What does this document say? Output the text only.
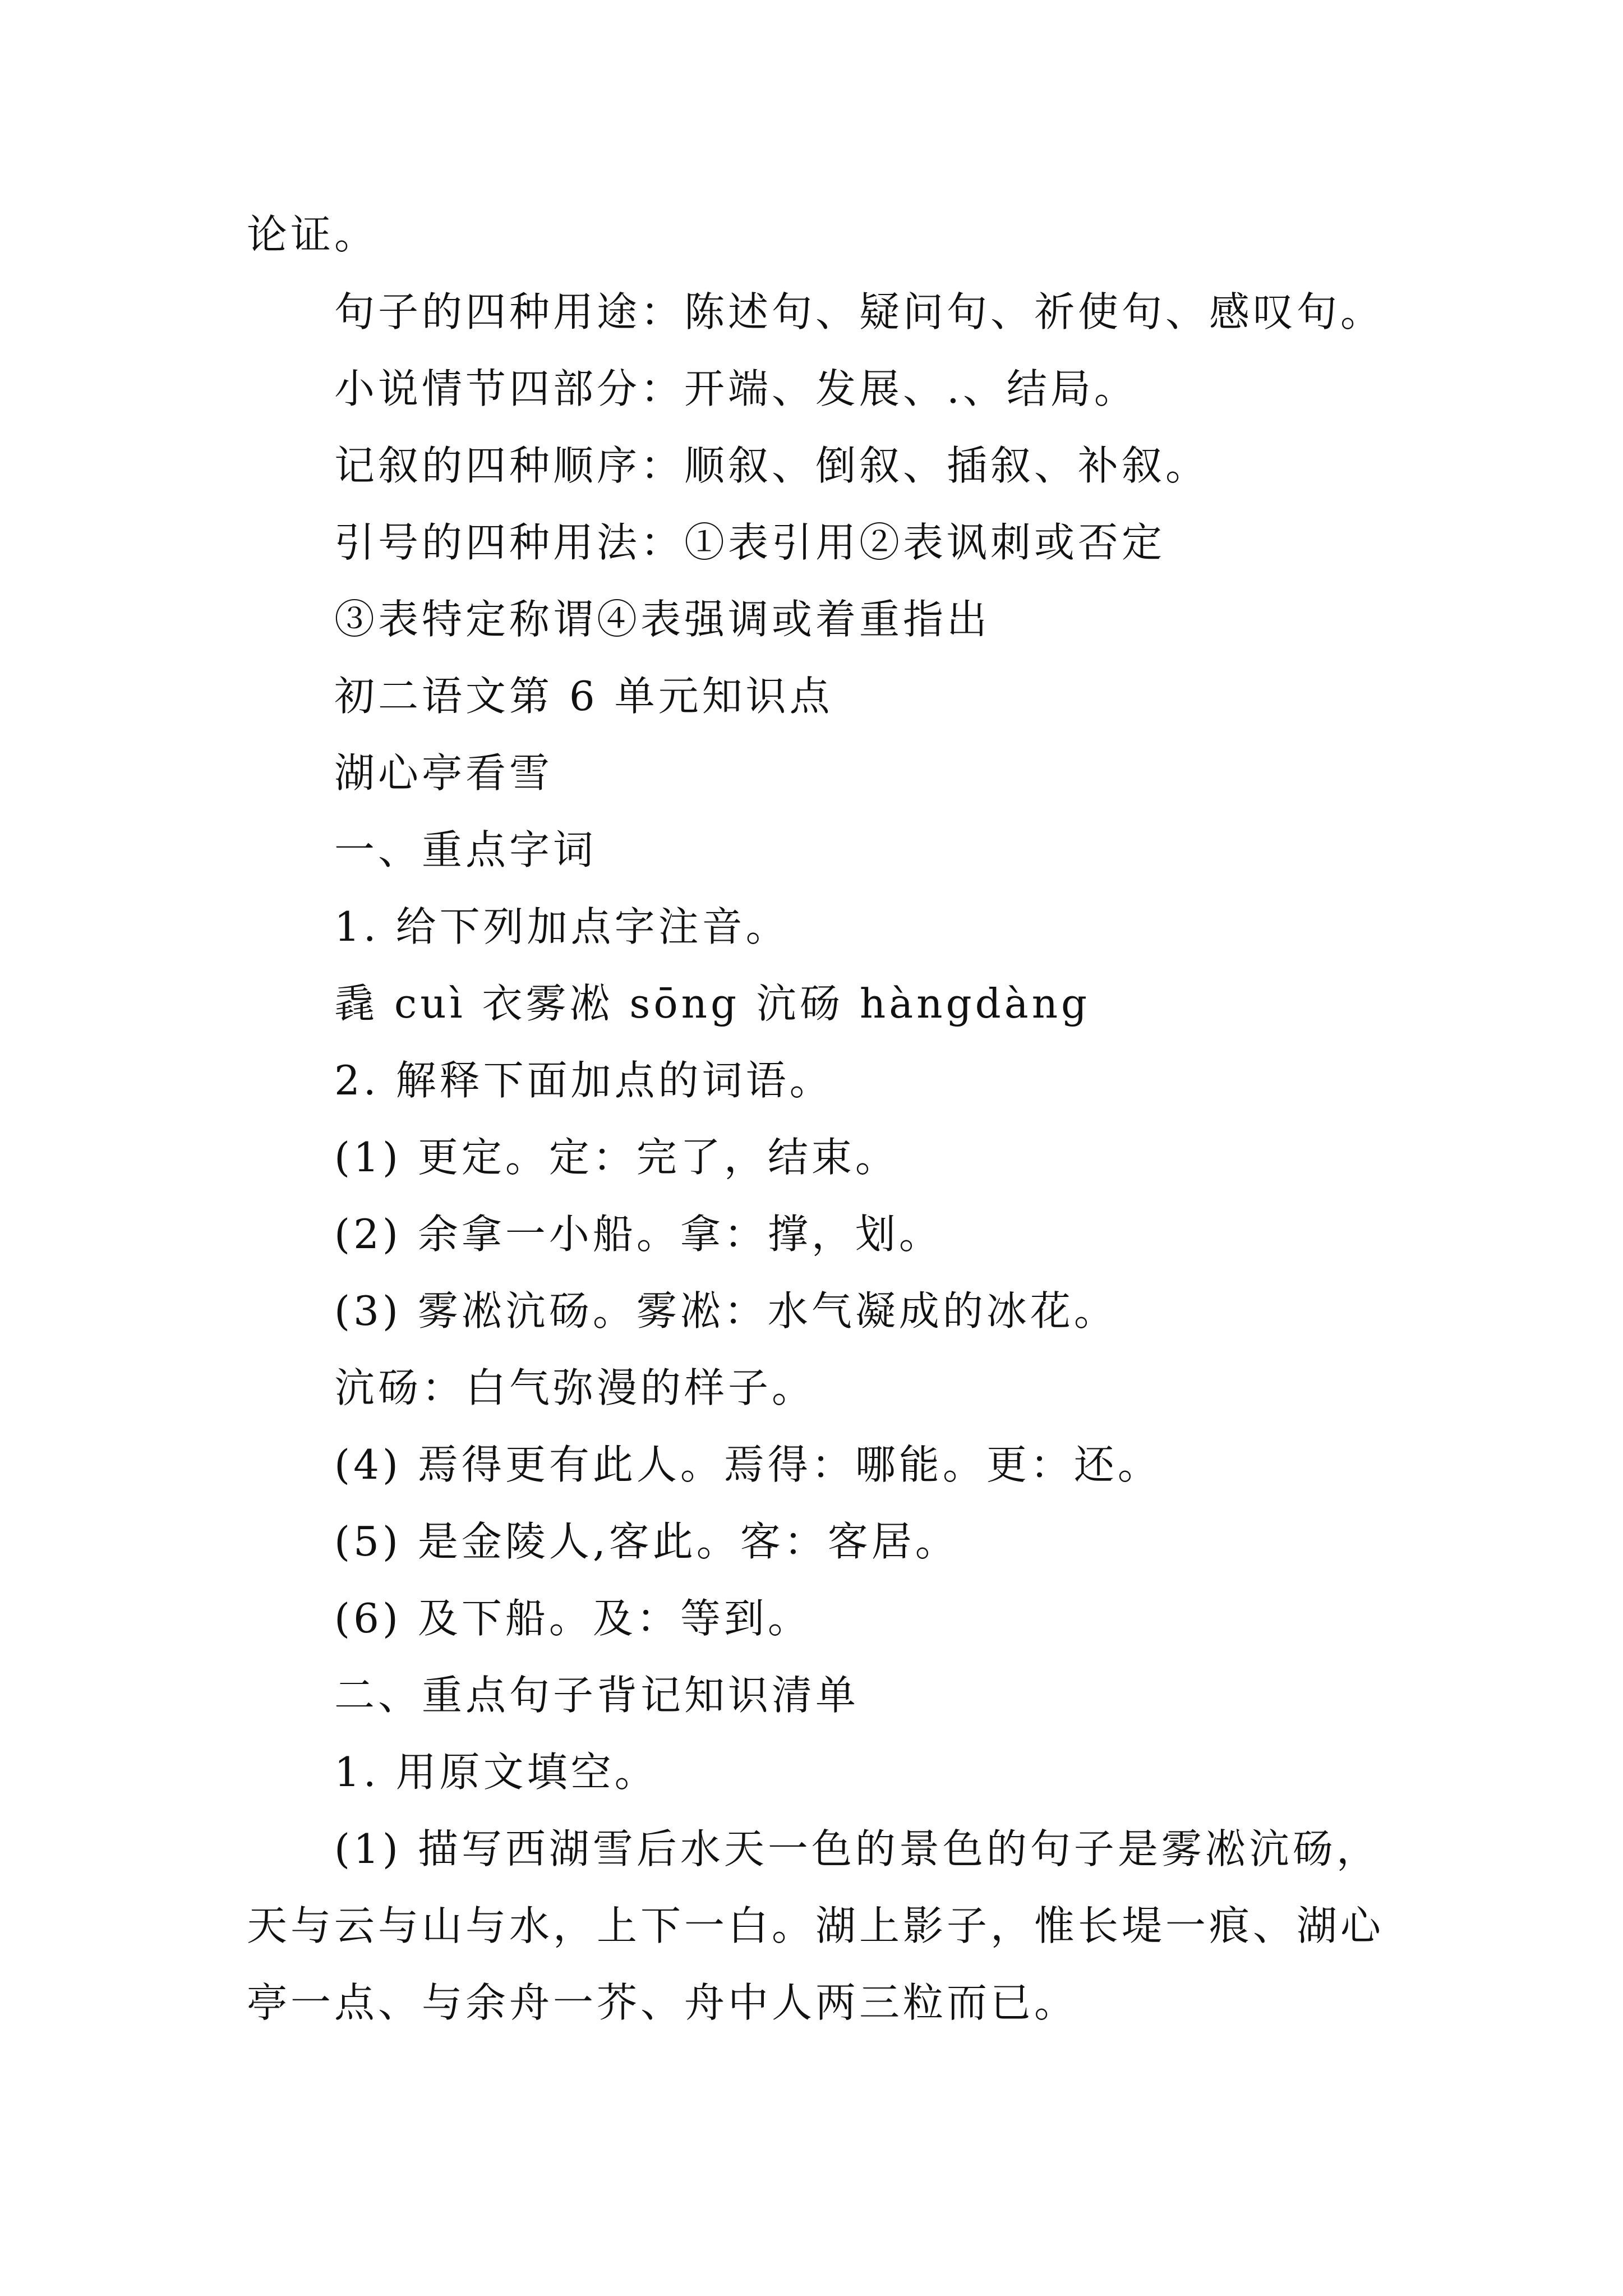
论证。
句子的四种用途：陈述句、疑问句、祈使句、感叹句。
小说情节四部分：开端、发展、.、结局。
记叙的四种顺序：顺叙、倒叙、插叙、补叙。
引号的四种用法：①表引用②表讽刺或否定
③表特定称谓④表强调或着重指出
初二语文第 6 单元知识点
湖心亭看雪
一、重点字词
1. 给下列加点字注音。
毳 cuì 衣雾凇 sōng 沆砀 hàngdàng
2. 解释下面加点的词语。
(1) 更定。定：完了，结束。
(2) 余拿一小船。拿：撑，划。
(3) 雾凇沆砀。雾凇：水气凝成的冰花。
沆砀：白气弥漫的样子。
(4) 焉得更有此人。焉得：哪能。更：还。
(5) 是金陵人,客此。客：客居。
(6) 及下船。及：等到。
二、重点句子背记知识清单
1. 用原文填空。
(1) 描写西湖雪后水天一色的景色的句子是雾凇沆砀，
天与云与山与水，上下一白。湖上影子，惟长堤一痕、湖心
亭一点、与余舟一芥、舟中人两三粒而已。
